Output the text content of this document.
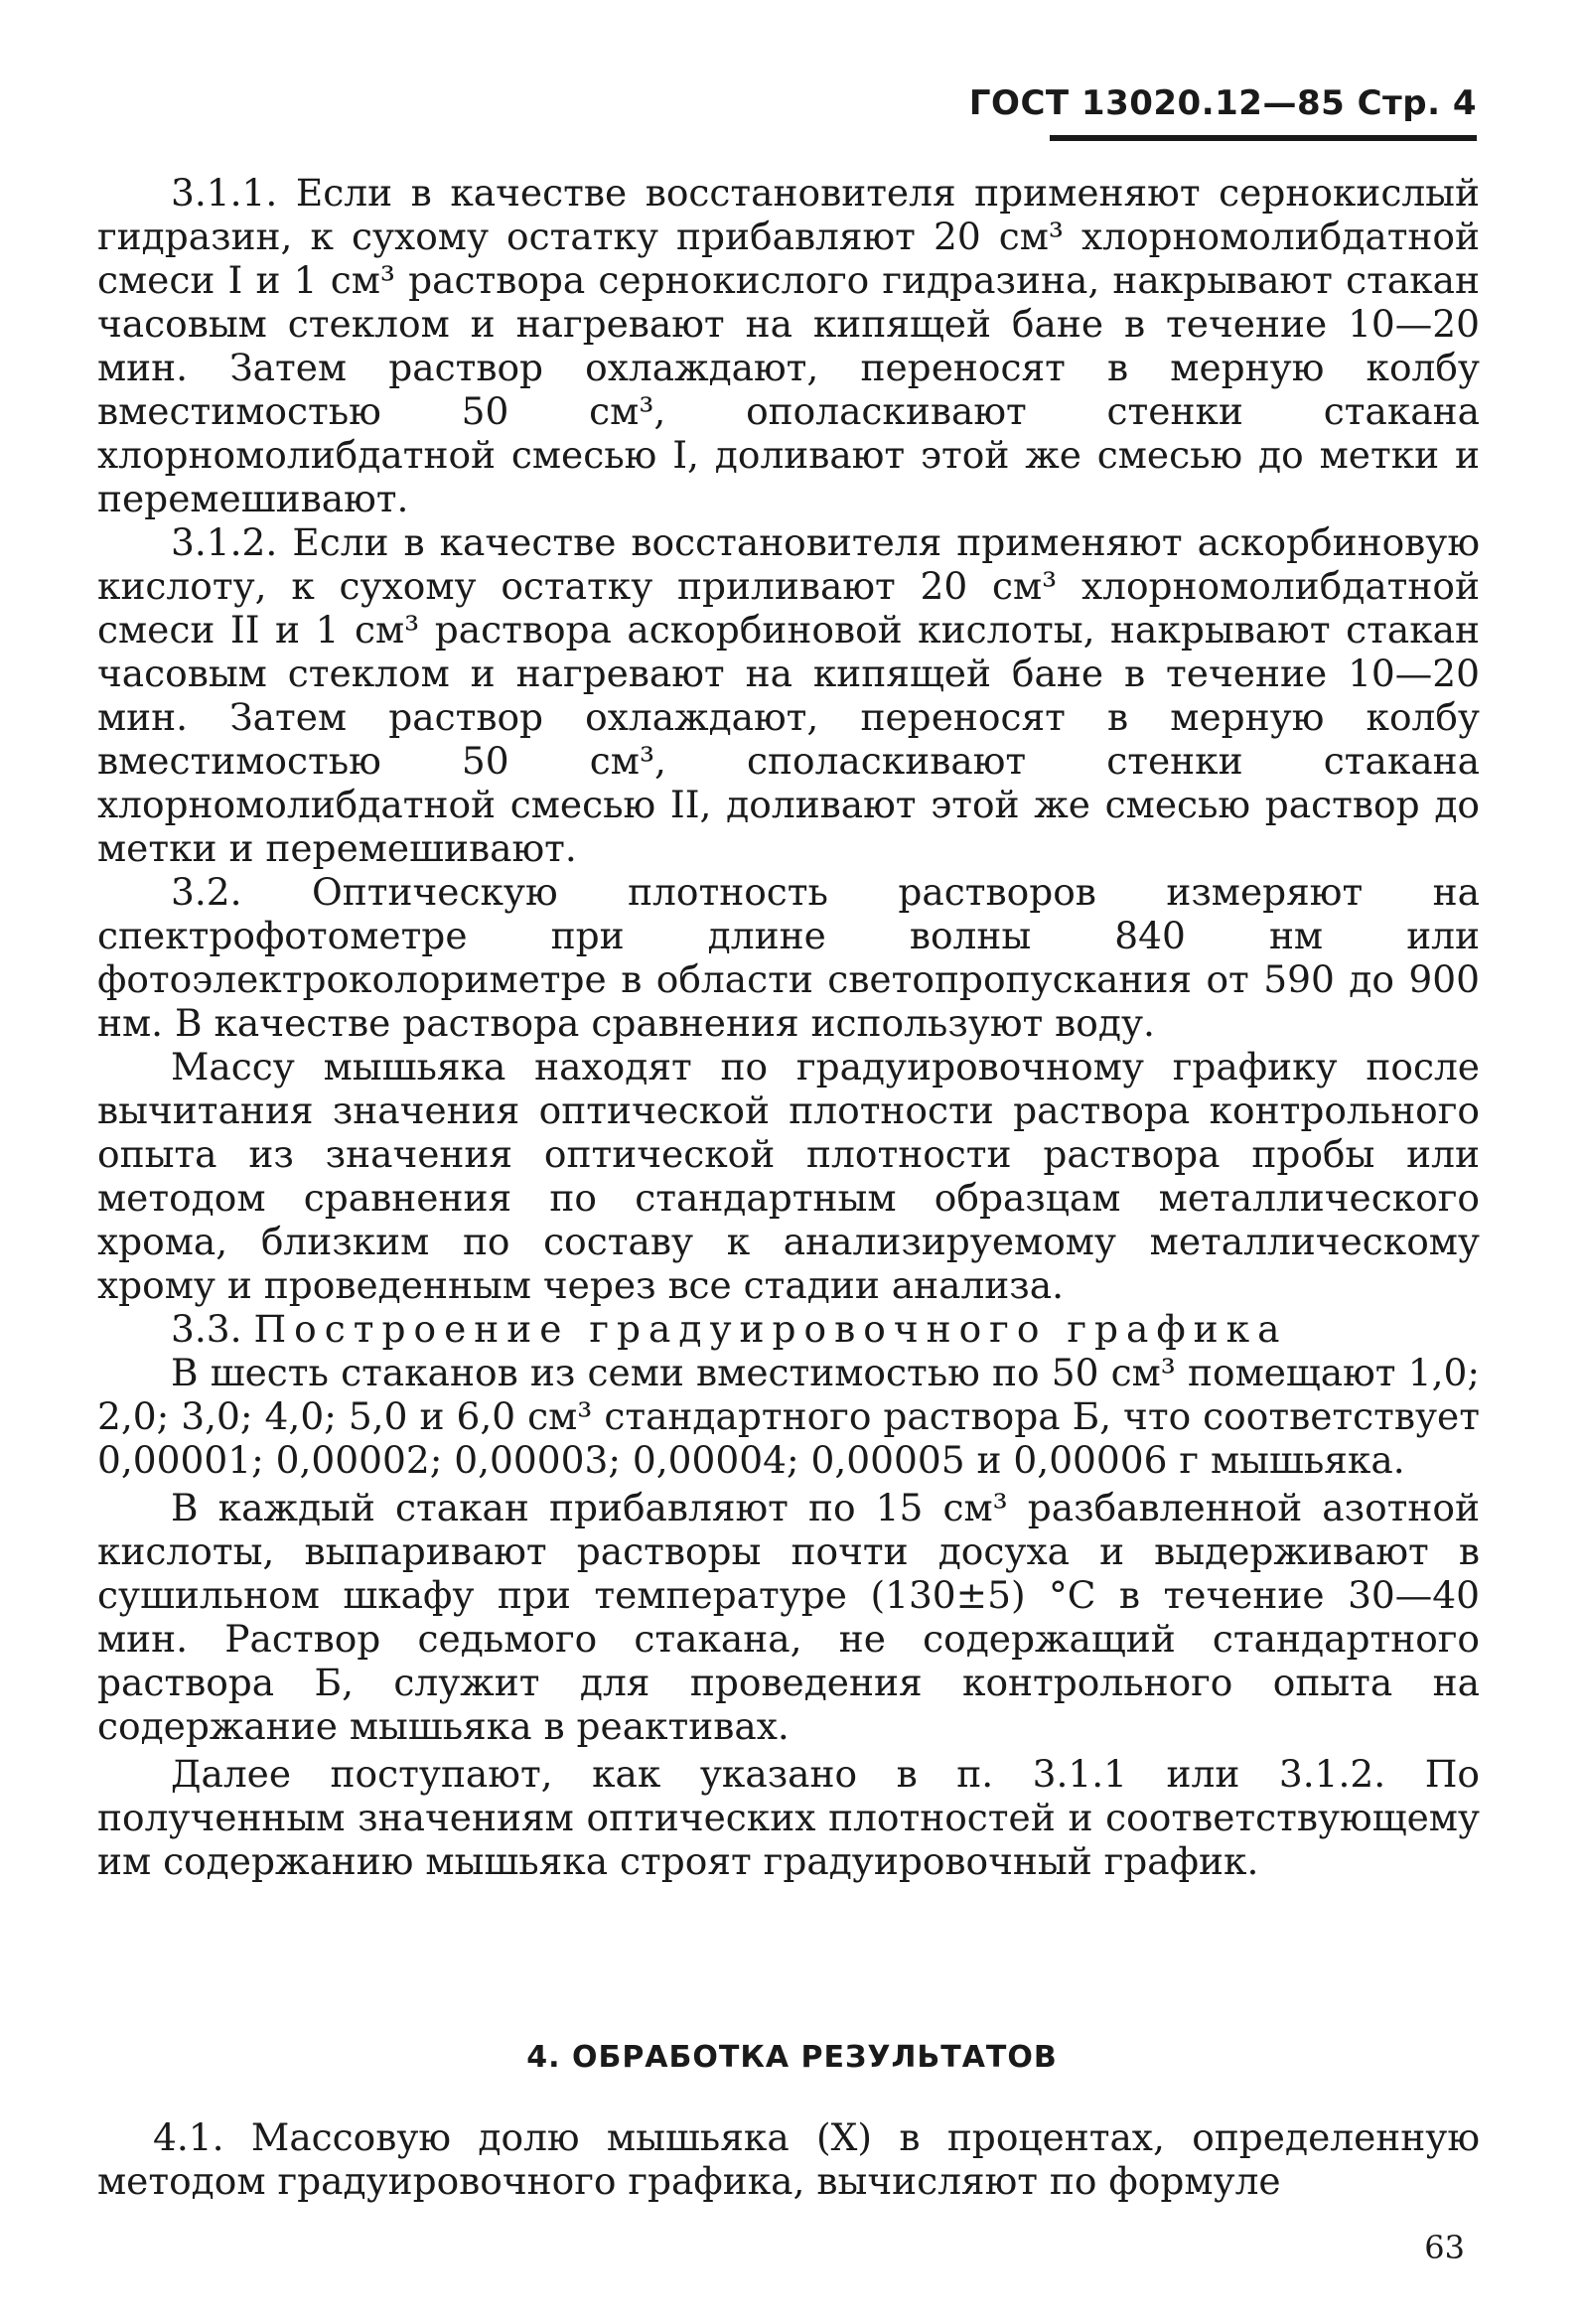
ГОСТ 13020.12—85 Стр. 4

3.1.1. Если в качестве восстановителя применяют сернокислый гидразин, к сухому остатку прибавляют 20 см³ хлорномолибдатной смеси I и 1 см³ раствора сернокислого гидразина, накрывают стакан часовым стеклом и нагревают на кипящей бане в течение 10—20 мин. Затем раствор охлаждают, переносят в мерную колбу вместимостью 50 см³, ополаскивают стенки стакана хлорномолибдатной смесью I, доливают этой же смесью до метки и перемешивают.

3.1.2. Если в качестве восстановителя применяют аскорбиновую кислоту, к сухому остатку приливают 20 см³ хлорномолибдатной смеси II и 1 см³ раствора аскорбиновой кислоты, накрывают стакан часовым стеклом и нагревают на кипящей бане в течение 10—20 мин. Затем раствор охлаждают, переносят в мерную колбу вместимостью 50 см³, споласкивают стенки стакана хлорномолибдатной смесью II, доливают этой же смесью раствор до метки и перемешивают.

3.2. Оптическую плотность растворов измеряют на спектрофотометре при длине волны 840 нм или фотоэлектроколориметре в области светопропускания от 590 до 900 нм. В качестве раствора сравнения используют воду.

Массу мышьяка находят по градуировочному графику после вычитания значения оптической плотности раствора контрольного опыта из значения оптической плотности раствора пробы или методом сравнения по стандартным образцам металлического хрома, близким по составу к анализируемому металлическому хрому и проведенным через все стадии анализа.

3.3. Построение градуировочного графика

В шесть стаканов из семи вместимостью по 50 см³ помещают 1,0; 2,0; 3,0; 4,0; 5,0 и 6,0 см³ стандартного раствора Б, что соответствует 0,00001; 0,00002; 0,00003; 0,00004; 0,00005 и 0,00006 г мышьяка.

В каждый стакан прибавляют по 15 см³ разбавленной азотной кислоты, выпаривают растворы почти досуха и выдерживают в сушильном шкафу при температуре (130±5) °С в течение 30—40 мин. Раствор седьмого стакана, не содержащий стандартного раствора Б, служит для проведения контрольного опыта на содержание мышьяка в реактивах.

Далее поступают, как указано в п. 3.1.1 или 3.1.2. По полученным значениям оптических плотностей и соответствующему им содержанию мышьяка строят градуировочный график.

4. ОБРАБОТКА РЕЗУЛЬТАТОВ

4.1. Массовую долю мышьяка (X) в процентах, определенную методом градуировочного графика, вычисляют по формуле

63
